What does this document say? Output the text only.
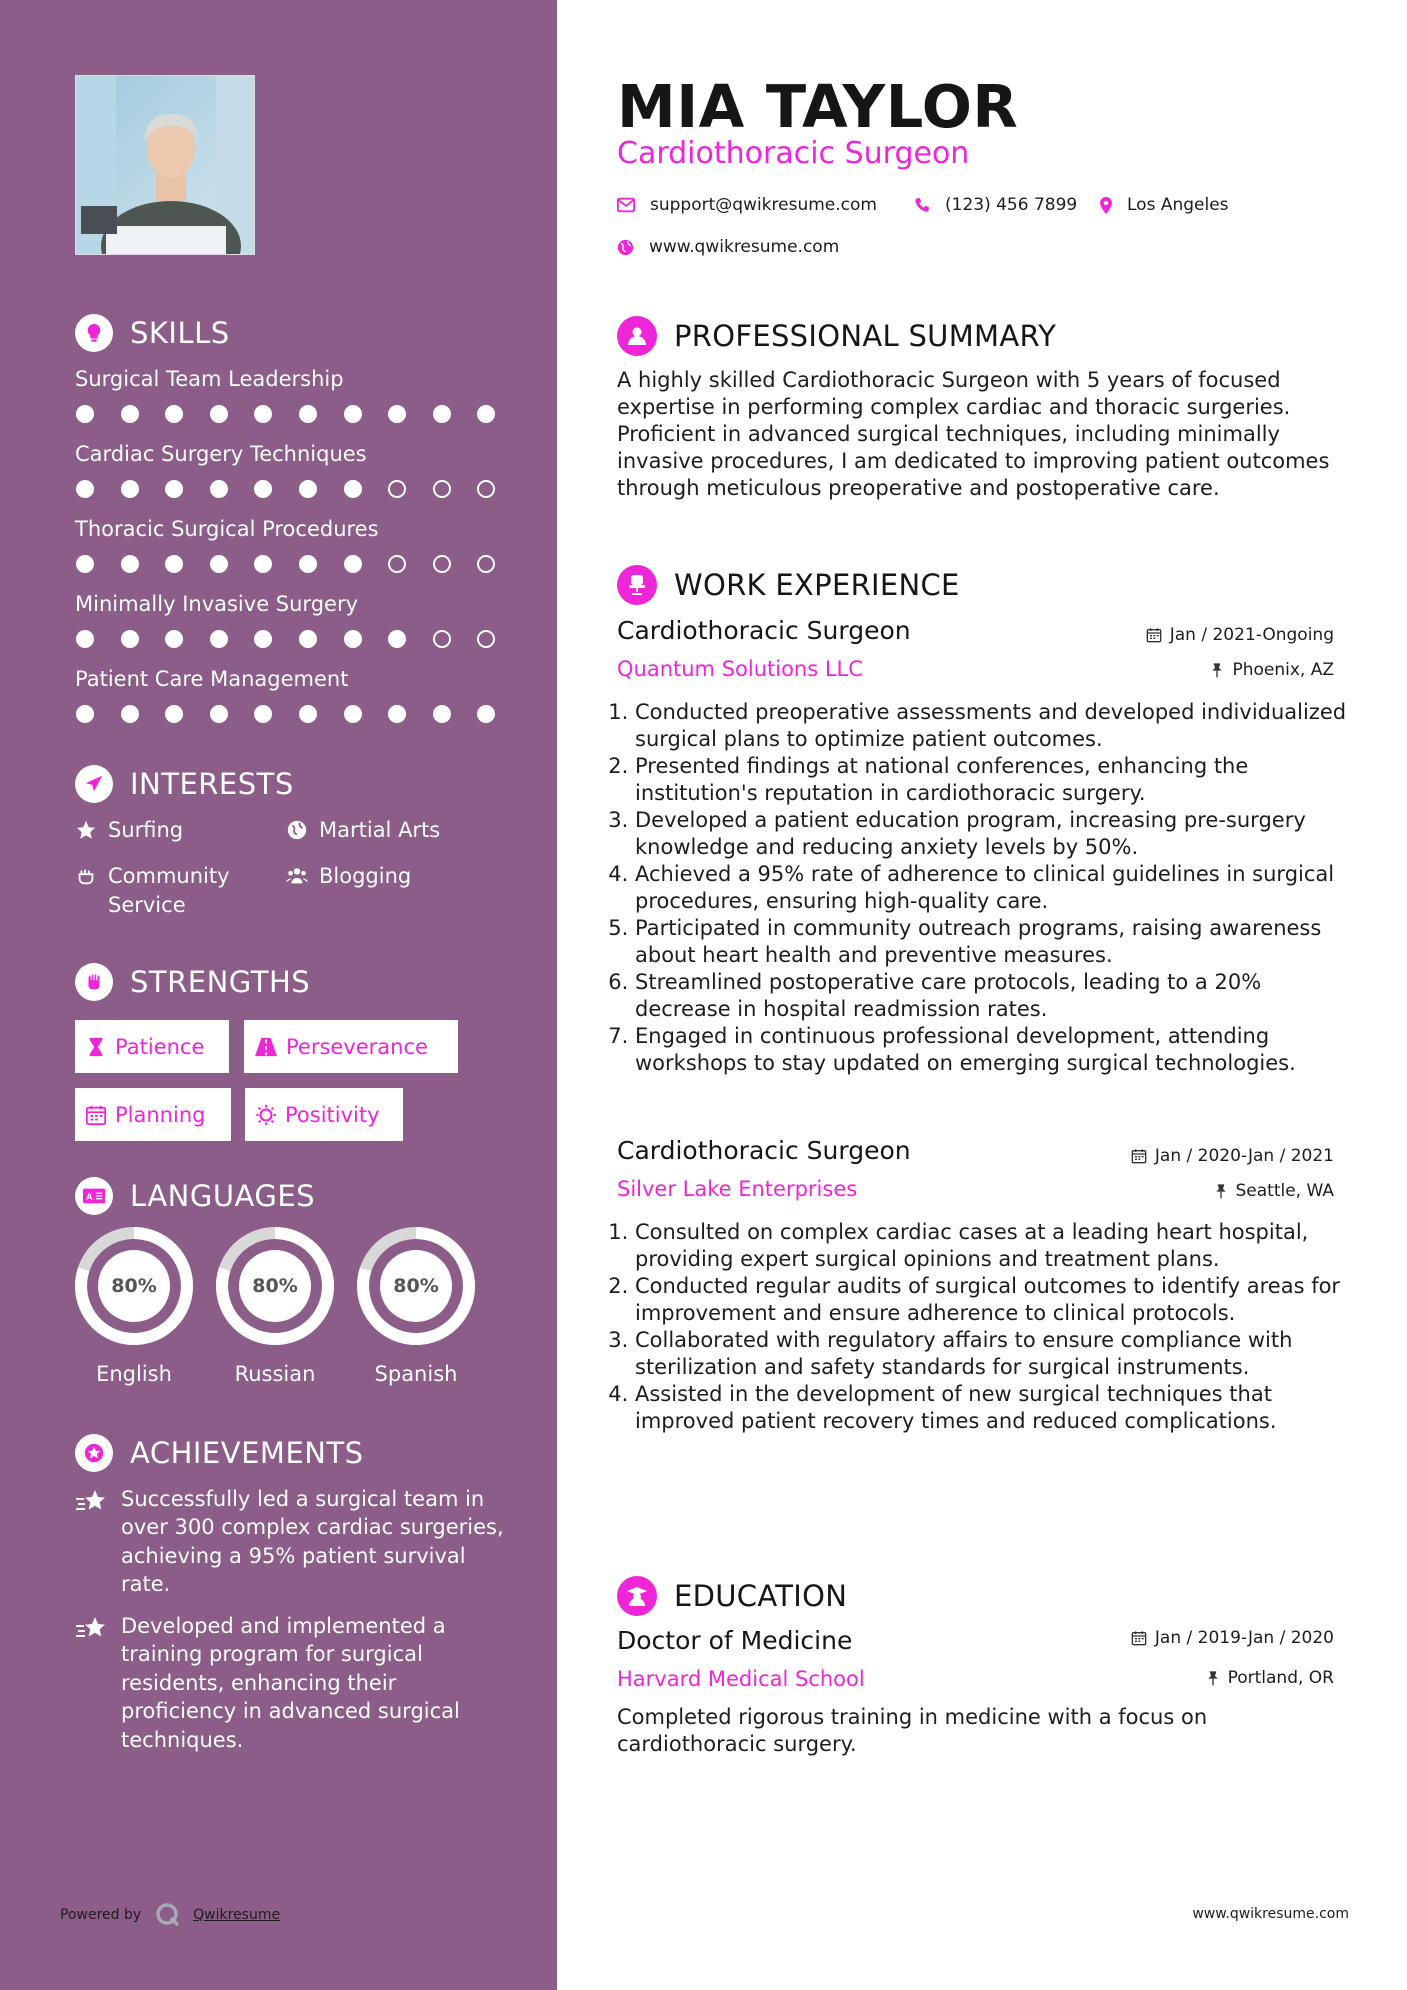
SKILLS
Surgical Team Leadership
Cardiac Surgery Techniques
Thoracic Surgical Procedures
Minimally Invasive Surgery
Patient Care Management
INTERESTS
Surfing	Martial Arts
Community Service
Blogging
STRENGTHS
Patience	Perseverance
Planning	Positivity
A LANGUAGES
80%
English
80%
Russian
80%
Spanish
ACHIEVEMENTS

Successfully led a surgical team in over 300 complex cardiac surgeries, achieving a 95% patient survival rate.

Developed and implemented a training program for surgical residents, enhancing their proficiency in advanced surgical techniques.

Powered by	Qwikresume
MIA TAYLOR
Cardiothoracic Surgeon
support@qwikresume.com	(123) 456 7899	Los Angeles
www.qwikresume.com
PROFESSIONAL SUMMARY

A highly skilled Cardiothoracic Surgeon with 5 years of focused expertise in performing complex cardiac and thoracic surgeries. Proficient in advanced surgical techniques, including minimally invasive procedures, I am dedicated to improving patient outcomes through meticulous preoperative and postoperative care.

WORK EXPERIENCE
Cardiothoracic Surgeon
Quantum Solutions LLC
Jan / 2021-Ongoing
Phoenix, AZ
1. Conducted preoperative assessments and developed individualized surgical plans to optimize patient outcomes.
2. Presented findings at national conferences, enhancing the institution's reputation in cardiothoracic surgery.
3. Developed a patient education program, increasing pre-surgery knowledge and reducing anxiety levels by 50%.
4. Achieved a 95% rate of adherence to clinical guidelines in surgical procedures, ensuring high-quality care.
5. Participated in community outreach programs, raising awareness about heart health and preventive measures.
6. Streamlined postoperative care protocols, leading to a 20% decrease in hospital readmission rates.
7. Engaged in continuous professional development, attending workshops to stay updated on emerging surgical technologies.
Cardiothoracic Surgeon
Silver Lake Enterprises
Jan / 2020-Jan / 2021
Seattle, WA
1. Consulted on complex cardiac cases at a leading heart hospital, providing expert surgical opinions and treatment plans.
2. Conducted regular audits of surgical outcomes to identify areas for improvement and ensure adherence to clinical protocols.
3. Collaborated with regulatory affairs to ensure compliance with sterilization and safety standards for surgical instruments.
4. Assisted in the development of new surgical techniques that improved patient recovery times and reduced complications.
EDUCATION
Doctor of Medicine
Harvard Medical School
Jan / 2019-Jan / 2020
Portland, OR

Completed rigorous training in medicine with a focus on cardiothoracic surgery.

www.qwikresume.com
